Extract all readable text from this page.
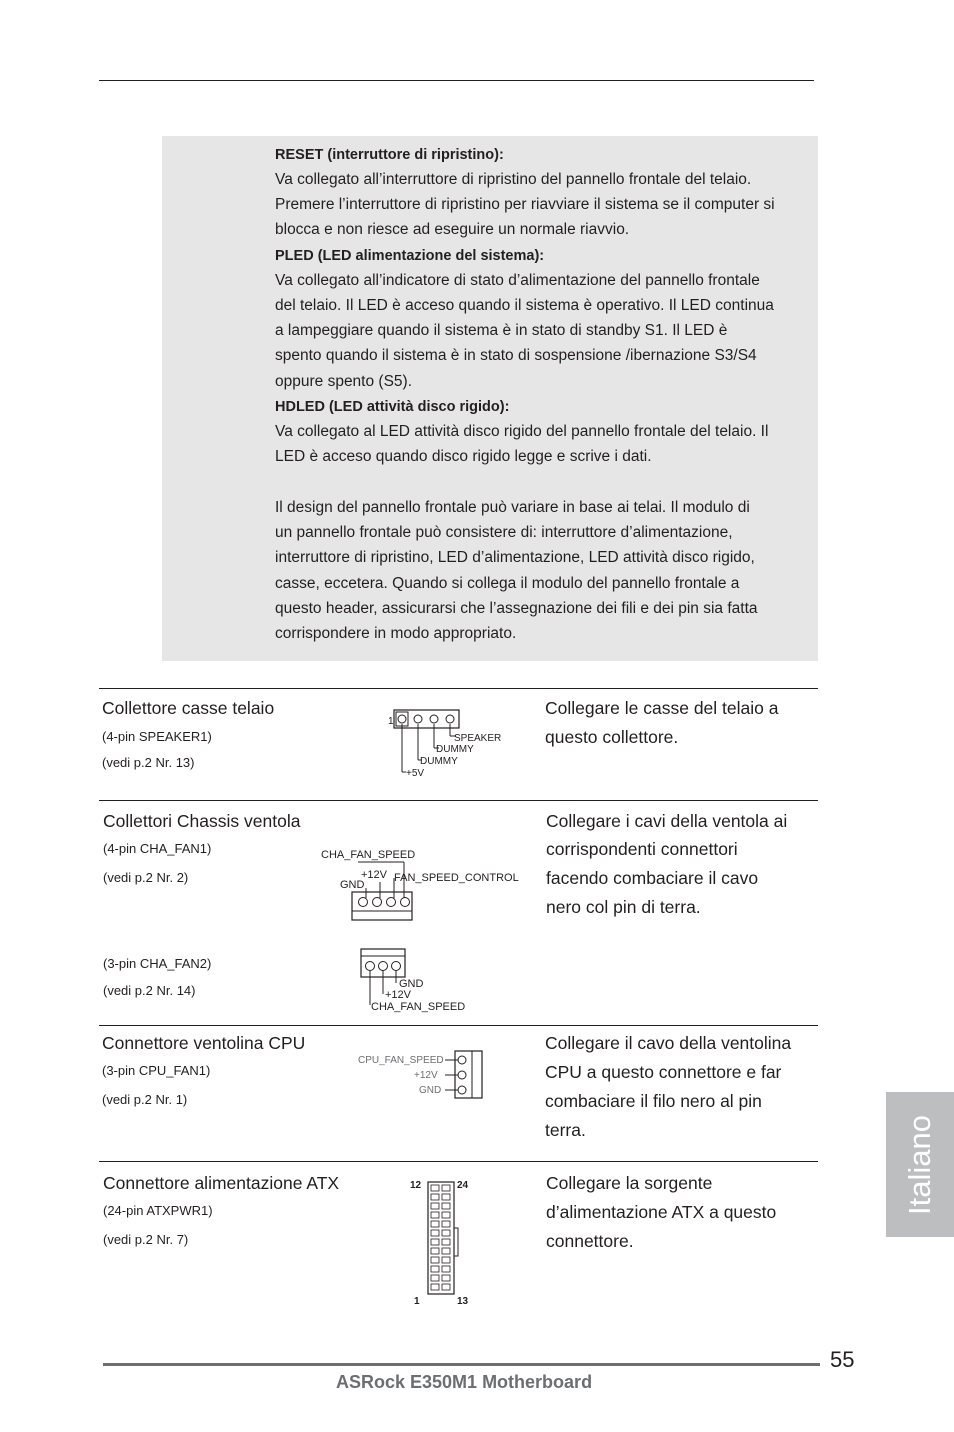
RESET (interruttore di ripristino):
Va collegato all’interruttore di ripristino del pannello frontale del telaio.
Premere l’interruttore di ripristino per riavviare il sistema se il computer si
blocca e non riesce ad eseguire un normale riavvio.
PLED (LED alimentazione del sistema):
Va collegato all’indicatore di stato d’alimentazione del pannello frontale
del telaio. Il LED è acceso quando il sistema è operativo. Il LED continua
a lampeggiare quando il sistema è in stato di standby S1. Il LED è
spento quando il sistema è in stato di sospensione /ibernazione S3/S4
oppure spento (S5).
HDLED (LED attività disco rigido):
Va collegato al LED attività disco rigido del pannello frontale del telaio. Il
LED è acceso quando disco rigido legge e scrive i dati.
Il design del pannello frontale può variare in base ai telai. Il modulo di
un pannello frontale può consistere di: interruttore d’alimentazione,
interruttore di ripristino, LED d’alimentazione, LED attività disco rigido,
casse, eccetera. Quando si collega il modulo del pannello frontale a
questo header, assicurarsi che l’assegnazione dei fili e dei pin sia fatta
corrispondere in modo appropriato.
Collettore casse telaio
(4-pin SPEAKER1)
(vedi p.2 Nr. 13)
Collegare le casse del telaio a
questo collettore.
1
SPEAKER
DUMMY
DUMMY
+5V
Collettori Chassis ventola
(4-pin CHA_FAN1)
(vedi p.2 Nr. 2)
(3-pin CHA_FAN2)
(vedi p.2 Nr. 14)
Collegare i cavi della ventola ai
corrispondenti connettori
facendo combaciare il cavo
nero col pin di terra.
CHA_FAN_SPEED
+12V FAN_SPEED_CONTROL
GND
GND
+12V
CHA_FAN_SPEED
Connettore ventolina CPU
(3-pin CPU_FAN1)
(vedi p.2 Nr. 1)
Collegare il cavo della ventolina
CPU a questo connettore e far
combaciare il filo nero al pin
terra.
CPU_FAN_SPEED
+12V
GND
Connettore alimentazione ATX
(24-pin ATXPWR1)
(vedi p.2 Nr. 7)
Collegare la sorgente
d’alimentazione ATX a questo
connettore.
12	24
1	13
Italiano
55
ASRock E350M1 Motherboard
